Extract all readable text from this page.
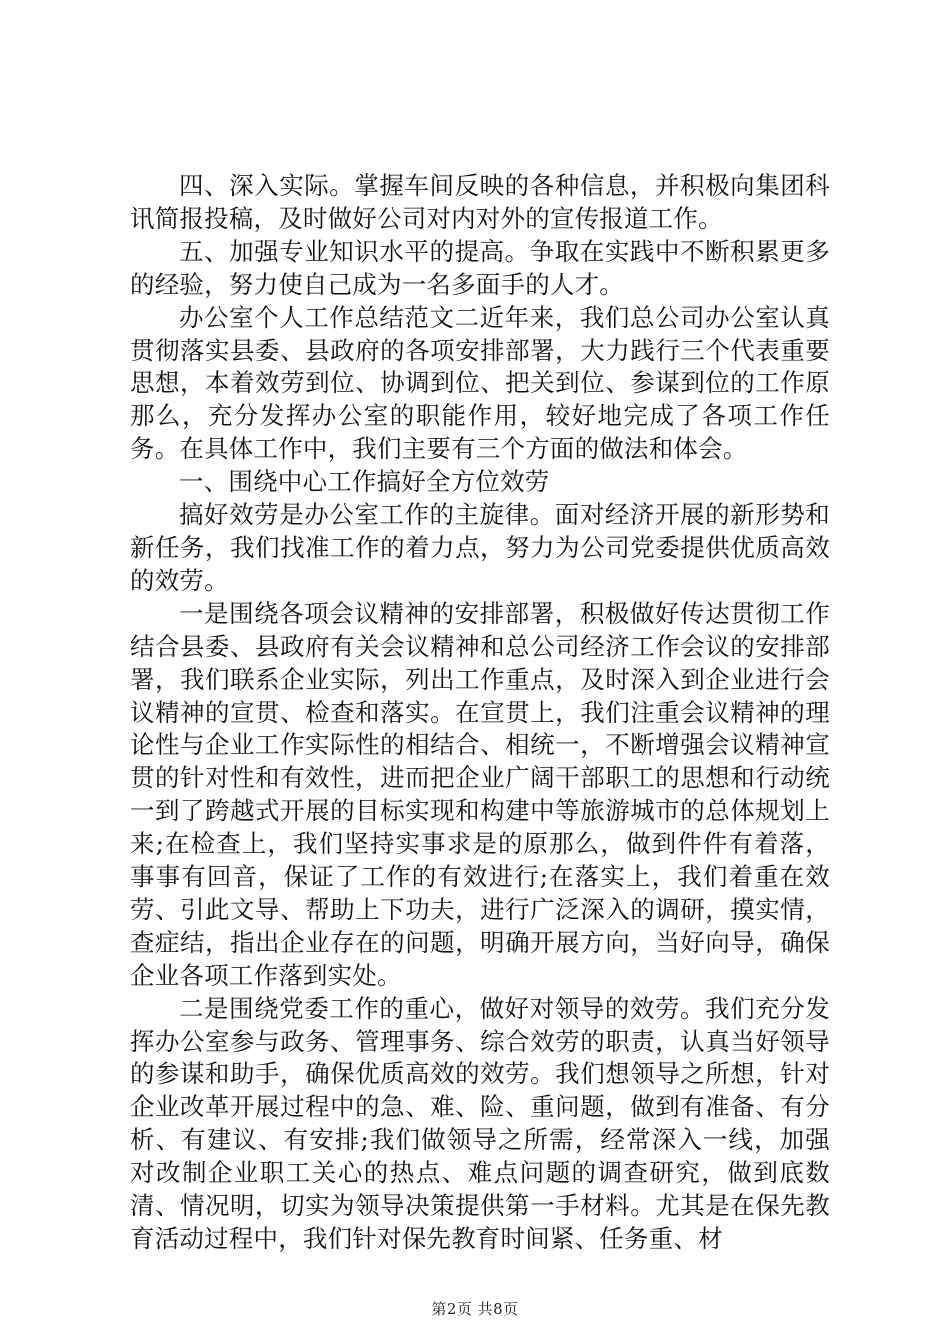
四、深入实际。掌握车间反映的各种信息，并积极向集团科讯简报投稿，及时做好公司对内对外的宣传报道工作。

五、加强专业知识水平的提高。争取在实践中不断积累更多的经验，努力使自己成为一名多面手的人才。

办公室个人工作总结范文二近年来，我们总公司办公室认真贯彻落实县委、县政府的各项安排部署，大力践行三个代表重要思想，本着效劳到位、协调到位、把关到位、参谋到位的工作原那么，充分发挥办公室的职能作用，较好地完成了各项工作任务。在具体工作中，我们主要有三个方面的做法和体会。

一、围绕中心工作搞好全方位效劳

搞好效劳是办公室工作的主旋律。面对经济开展的新形势和新任务，我们找准工作的着力点，努力为公司党委提供优质高效的效劳。

一是围绕各项会议精神的安排部署，积极做好传达贯彻工作结合县委、县政府有关会议精神和总公司经济工作会议的安排部署，我们联系企业实际，列出工作重点，及时深入到企业进行会议精神的宣贯、检查和落实。在宣贯上，我们注重会议精神的理论性与企业工作实际性的相结合、相统一，不断增强会议精神宣贯的针对性和有效性，进而把企业广阔干部职工的思想和行动统一到了跨越式开展的目标实现和构建中等旅游城市的总体规划上来;在检查上，我们坚持实事求是的原那么，做到件件有着落，事事有回音，保证了工作的有效进行;在落实上，我们着重在效劳、引此文导、帮助上下功夫，进行广泛深入的调研，摸实情，查症结，指出企业存在的问题，明确开展方向，当好向导，确保企业各项工作落到实处。

二是围绕党委工作的重心，做好对领导的效劳。我们充分发挥办公室参与政务、管理事务、综合效劳的职责，认真当好领导的参谋和助手，确保优质高效的效劳。我们想领导之所想，针对企业改革开展过程中的急、难、险、重问题，做到有准备、有分析、有建议、有安排;我们做领导之所需，经常深入一线，加强对改制企业职工关心的热点、难点问题的调查研究，做到底数清、情况明，切实为领导决策提供第一手材料。尤其是在保先教育活动过程中，我们针对保先教育时间紧、任务重、材

第2页 共8页
